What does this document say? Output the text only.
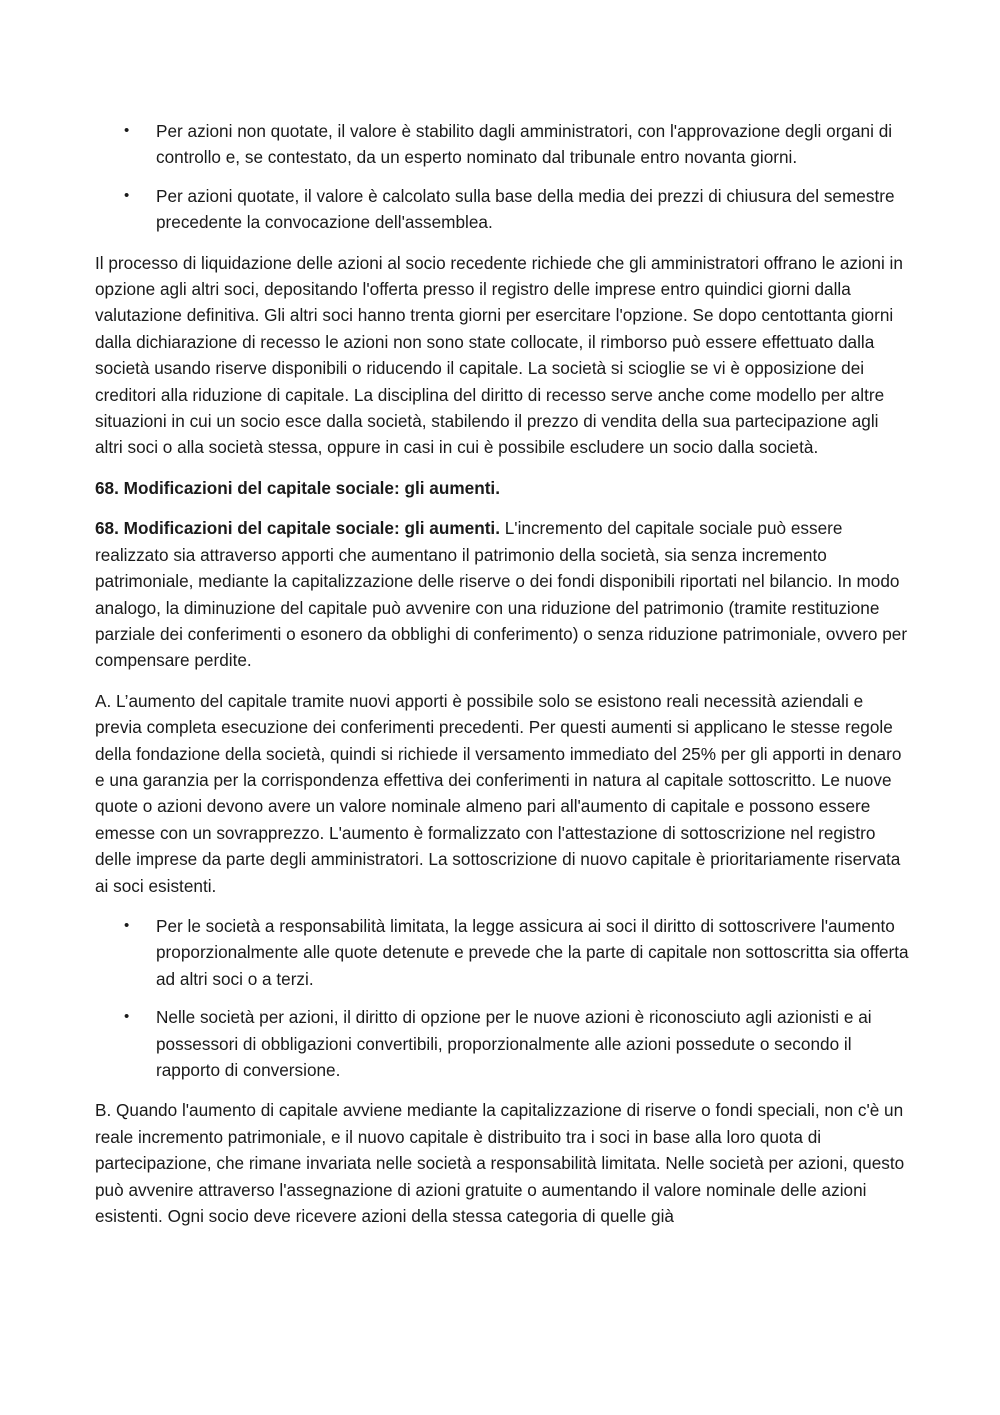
• Per azioni non quotate, il valore è stabilito dagli amministratori, con l'approvazione degli organi di controllo e, se contestato, da un esperto nominato dal tribunale entro novanta giorni.
• Per azioni quotate, il valore è calcolato sulla base della media dei prezzi di chiusura del semestre precedente la convocazione dell'assemblea.

Il processo di liquidazione delle azioni al socio recedente richiede che gli amministratori offrano le azioni in opzione agli altri soci, depositando l'offerta presso il registro delle imprese entro quindici giorni dalla valutazione definitiva. Gli altri soci hanno trenta giorni per esercitare l'opzione. Se dopo centottanta giorni dalla dichiarazione di recesso le azioni non sono state collocate, il rimborso può essere effettuato dalla società usando riserve disponibili o riducendo il capitale. La società si scioglie se vi è opposizione dei creditori alla riduzione di capitale. La disciplina del diritto di recesso serve anche come modello per altre situazioni in cui un socio esce dalla società, stabilendo il prezzo di vendita della sua partecipazione agli altri soci o alla società stessa, oppure in casi in cui è possibile escludere un socio dalla società.

68. Modificazioni del capitale sociale: gli aumenti.

68. Modificazioni del capitale sociale: gli aumenti. L'incremento del capitale sociale può essere realizzato sia attraverso apporti che aumentano il patrimonio della società, sia senza incremento patrimoniale, mediante la capitalizzazione delle riserve o dei fondi disponibili riportati nel bilancio. In modo analogo, la diminuzione del capitale può avvenire con una riduzione del patrimonio (tramite restituzione parziale dei conferimenti o esonero da obblighi di conferimento) o senza riduzione patrimoniale, ovvero per compensare perdite.

A. L’aumento del capitale tramite nuovi apporti è possibile solo se esistono reali necessità aziendali e previa completa esecuzione dei conferimenti precedenti. Per questi aumenti si applicano le stesse regole della fondazione della società, quindi si richiede il versamento immediato del 25% per gli apporti in denaro e una garanzia per la corrispondenza effettiva dei conferimenti in natura al capitale sottoscritto. Le nuove quote o azioni devono avere un valore nominale almeno pari all'aumento di capitale e possono essere emesse con un sovrapprezzo. L'aumento è formalizzato con l'attestazione di sottoscrizione nel registro delle imprese da parte degli amministratori. La sottoscrizione di nuovo capitale è prioritariamente riservata ai soci esistenti.

• Per le società a responsabilità limitata, la legge assicura ai soci il diritto di sottoscrivere l'aumento proporzionalmente alle quote detenute e prevede che la parte di capitale non sottoscritta sia offerta ad altri soci o a terzi.
• Nelle società per azioni, il diritto di opzione per le nuove azioni è riconosciuto agli azionisti e ai possessori di obbligazioni convertibili, proporzionalmente alle azioni possedute o secondo il rapporto di conversione.

B. Quando l'aumento di capitale avviene mediante la capitalizzazione di riserve o fondi speciali, non c'è un reale incremento patrimoniale, e il nuovo capitale è distribuito tra i soci in base alla loro quota di partecipazione, che rimane invariata nelle società a responsabilità limitata. Nelle società per azioni, questo può avvenire attraverso l'assegnazione di azioni gratuite o aumentando il valore nominale delle azioni esistenti. Ogni socio deve ricevere azioni della stessa categoria di quelle già
